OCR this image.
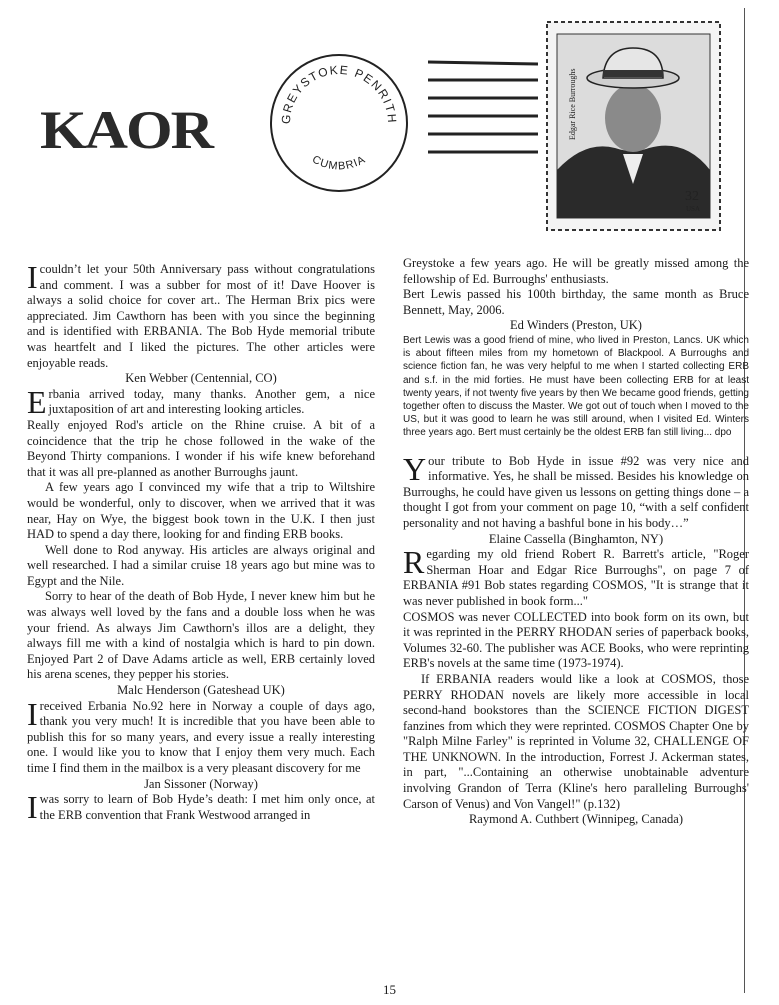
KAOR	GREYSTOKE PENRITH
CUMBRIA
Edgar Rice Burroughs
32
USA

Icouldn’t let your 50th Anniversary pass without congratulations and comment. I was a subber for most of it! Dave Hoover is always a solid choice for cover art.. The Herman Brix pics were appreciated. Jim Cawthorn has been with you since the beginning and is identified with ERBANIA. The Bob Hyde memorial tribute was heartfelt and I liked the pictures. The other articles were enjoyable reads.

Ken Webber (Centennial, CO)

Erbania arrived today, many thanks. Another gem, a nice juxtaposition of art and interesting looking articles.

Really enjoyed Rod's article on the Rhine cruise. A bit of a coincidence that the trip he chose followed in the wake of the Beyond Thirty companions. I wonder if his wife knew beforehand that it was all pre-planned as another Burroughs jaunt.

A few years ago I convinced my wife that a trip to Wiltshire would be wonderful, only to discover, when we arrived that it was near, Hay on Wye, the biggest book town in the U.K. I then just HAD to spend a day there, looking for and finding ERB books.

Well done to Rod anyway. His articles are always original and well researched. I had a similar cruise 18 years ago but mine was to Egypt and the Nile.

Sorry to hear of the death of Bob Hyde, I never knew him but he was always well loved by the fans and a double loss when he was your friend. As always Jim Cawthorn's illos are a delight, they always fill me with a kind of nostalgia which is hard to pin down. Enjoyed Part 2 of Dave Adams article as well, ERB certainly loved his arena scenes, they pepper his stories.

Malc Henderson (Gateshead UK)

Ireceived Erbania No.92 here in Norway a couple of days ago, thank you very much! It is incredible that you have been able to publish this for so many years, and every issue a really interesting one. I would like you to know that I enjoy them very much. Each time I find them in the mailbox is a very pleasant discovery for me

Jan Sissoner (Norway)

Iwas sorry to learn of Bob Hyde’s death: I met him only once, at the ERB convention that Frank Westwood arranged in

Greystoke a few years ago. He will be greatly missed among the fellowship of Ed. Burroughs' enthusiasts.

Bert Lewis passed his 100th birthday, the same month as Bruce Bennett, May, 2006.

Ed Winders (Preston, UK)

Bert Lewis was a good friend of mine, who lived in Preston, Lancs. UK which is about fifteen miles from my hometown of Blackpool. A Burroughs and science fiction fan, he was very helpful to me when I started collecting ERB and s.f. in the mid forties. He must have been collecting ERB for at least twenty years, if not twenty five years by then We became good friends, getting together often to discuss the Master. We got out of touch when I moved to the US, but it was good to learn he was still around, when I visited Ed. Winters three years ago. Bert must certainly be the oldest ERB fan still living... dpo

Your tribute to Bob Hyde in issue #92 was very nice and informative. Yes, he shall be missed. Besides his knowledge on Burroughs, he could have given us lessons on getting things done – a thought I got from your comment on page 10, “with a self confident personality and not having a bashful bone in his body…”

Elaine Cassella (Binghamton, NY)

Regarding my old friend Robert R. Barrett's article, "Roger Sherman Hoar and Edgar Rice Burroughs", on page 7 of ERBANIA #91 Bob states regarding COSMOS, "It is strange that it was never published in book form..."

COSMOS was never COLLECTED into book form on its own, but it was reprinted in the PERRY RHODAN series of paperback books, Volumes 32-60. The publisher was ACE Books, who were reprinting ERB's novels at the same time (1973-1974).

If ERBANIA readers would like a look at COSMOS, those PERRY RHODAN novels are likely more accessible in local second-hand bookstores than the SCIENCE FICTION DIGEST fanzines from which they were reprinted. COSMOS Chapter One by "Ralph Milne Farley" is reprinted in Volume 32, CHALLENGE OF THE UNKNOWN. In the introduction, Forrest J. Ackerman states, in part, "...Containing an otherwise unobtainable adventure involving Grandon of Terra (Kline's hero paralleling Burroughs' Carson of Venus) and Von Vangel!" (p.132)

Raymond A. Cuthbert (Winnipeg, Canada)

15
